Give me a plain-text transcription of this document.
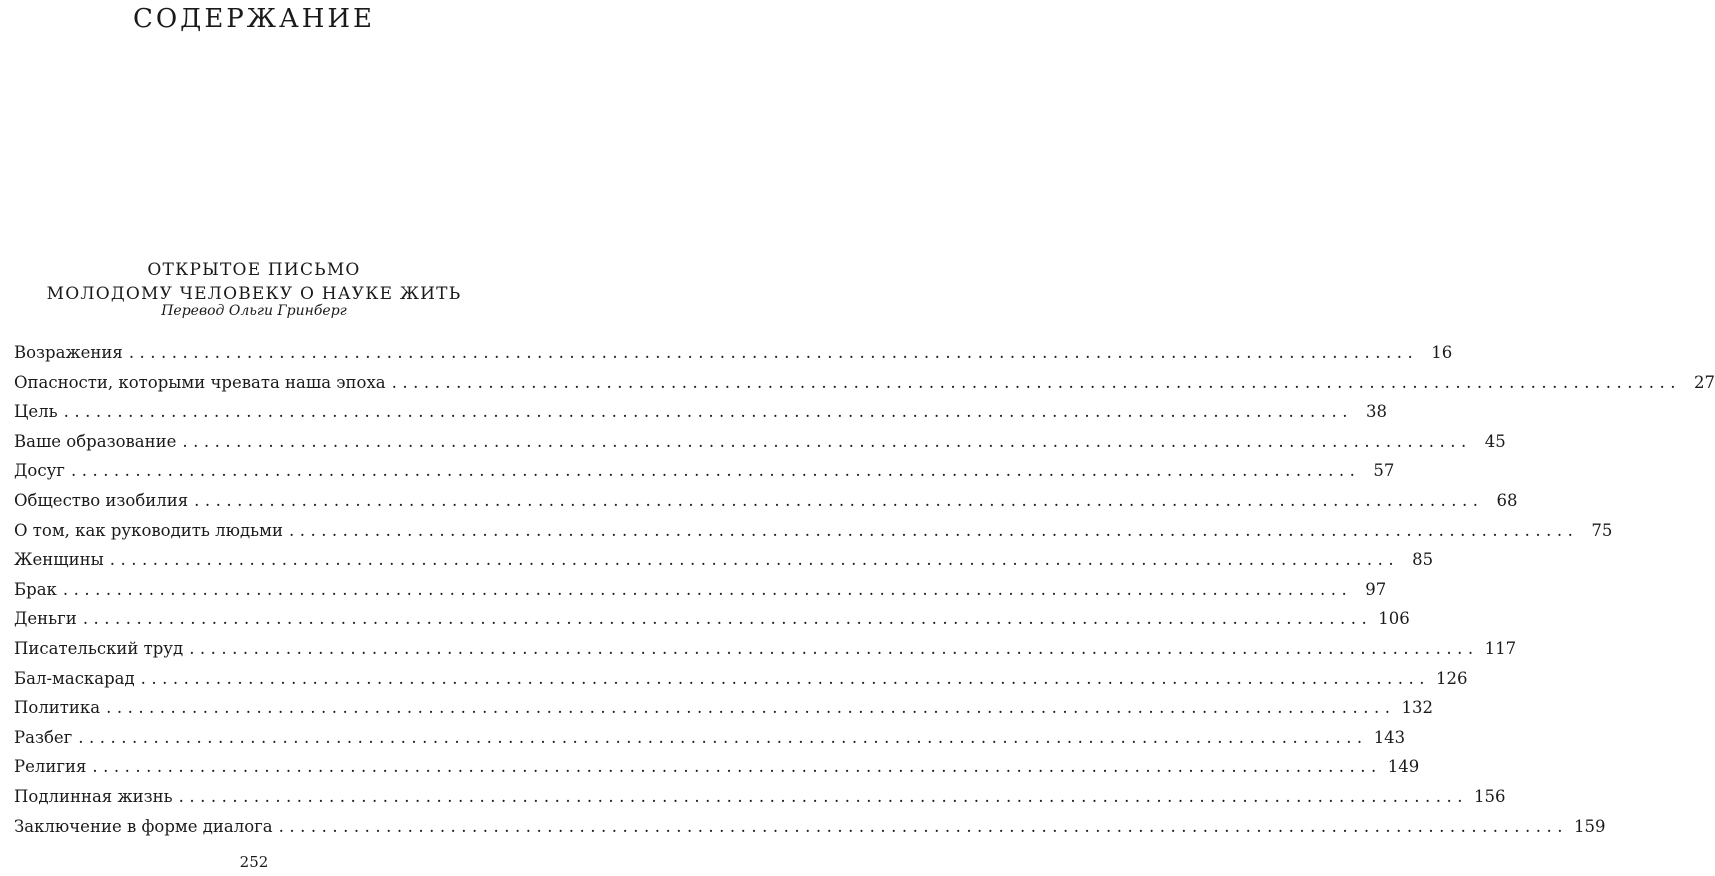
СОДЕРЖАНИЕ
ОТКРЫТОЕ ПИСЬМО
МОЛОДОМУ ЧЕЛОВЕКУ О НАУКЕ ЖИТЬ
Перевод Ольги Гринберг
Возражения ........................................................................................................................ 16
Опасности, которыми чревата наша эпоха ........................................................................................................................ 27
Цель ........................................................................................................................ 38
Ваше образование ........................................................................................................................ 45
Досуг ........................................................................................................................ 57
Общество изобилия ........................................................................................................................ 68
О том, как руководить людьми ........................................................................................................................ 75
Женщины ........................................................................................................................ 85
Брак ........................................................................................................................ 97
Деньги ........................................................................................................................ 106
Писательский труд ........................................................................................................................ 117
Бал-маскарад ........................................................................................................................ 126
Политика ........................................................................................................................ 132
Разбег ........................................................................................................................ 143
Религия ........................................................................................................................ 149
Подлинная жизнь ........................................................................................................................ 156
Заключение в форме диалога ........................................................................................................................ 159
252
